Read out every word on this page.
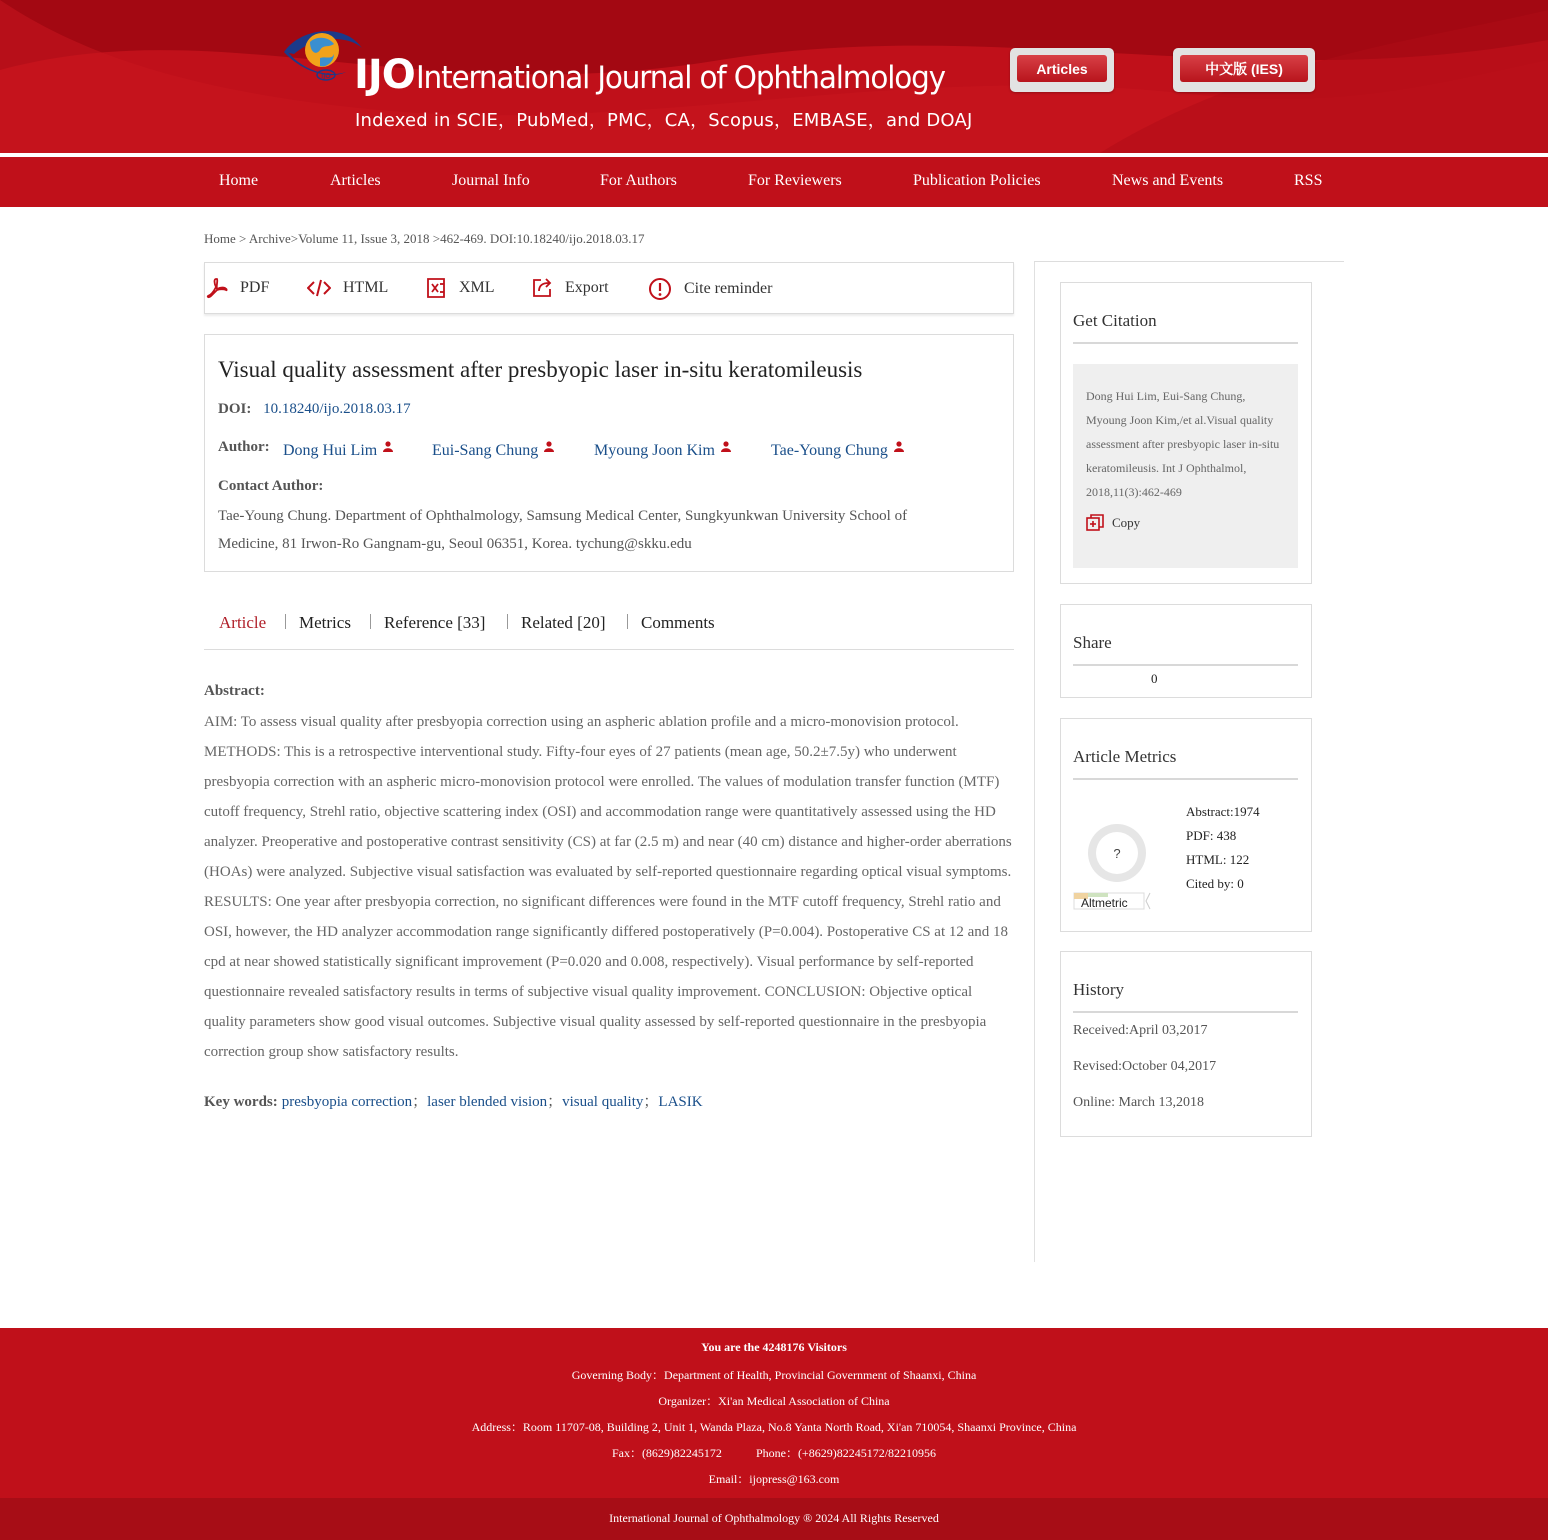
IJO IJO International Journal of Ophthalmology
Indexed in SCIE，PubMed，PMC，CA，Scopus，EMBASE，and DOAJ
Articles	中文版 (IES)
Home	Articles	Journal Info	For Authors	For Reviewers	Publication Policies	News and Events	RSS
Home > Archive>Volume 11, Issue 3, 2018 >462-469. DOI:10.18240/ijo.2018.03.17
PDF	HTML	XML	Export	Cite reminder
Visual quality assessment after presbyopic laser in-situ keratomileusis
DOI: 10.18240/ijo.2018.03.17
Author: Dong Hui Lim	Eui-Sang Chung	Myoung Joon Kim	Tae-Young Chung
Contact Author:
Tae-Young Chung. Department of Ophthalmology, Samsung Medical Center, Sungkyunkwan University School of Medicine, 81 Irwon-Ro Gangnam-gu, Seoul 06351, Korea. tychung@skku.edu
Article Metrics Reference [33] Related [20] Comments
Abstract:
AIM: To assess visual quality after presbyopia correction using an aspheric ablation profile and a micro-monovision protocol. METHODS: This is a retrospective interventional study. Fifty-four eyes of 27 patients (mean age, 50.2±7.5y) who underwent presbyopia correction with an aspheric micro-monovision protocol were enrolled. The values of modulation transfer function (MTF) cutoff frequency, Strehl ratio, objective scattering index (OSI) and accommodation range were quantitatively assessed using the HD analyzer. Preoperative and postoperative contrast sensitivity (CS) at far (2.5 m) and near (40 cm) distance and higher-order aberrations (HOAs) were analyzed. Subjective visual satisfaction was evaluated by self-reported questionnaire regarding optical visual symptoms. RESULTS: One year after presbyopia correction, no significant differences were found in the MTF cutoff frequency, Strehl ratio and OSI, however, the HD analyzer accommodation range significantly differed postoperatively (P=0.004). Postoperative CS at 12 and 18 cpd at near showed statistically significant improvement (P=0.020 and 0.008, respectively). Visual performance by self-reported questionnaire revealed satisfactory results in terms of subjective visual quality improvement. CONCLUSION: Objective optical quality parameters show good visual outcomes. Subjective visual quality assessed by self-reported questionnaire in the presbyopia correction group show satisfactory results.
Key words: presbyopia correction；laser blended vision；visual quality；LASIK
Get Citation
Dong Hui Lim, Eui-Sang Chung, Myoung Joon Kim,/et al.Visual quality assessment after presbyopic laser in-situ keratomileusis. Int J Ophthalmol, 2018,11(3):462-469
Copy
Share
0
Article Metrics
?
Altmetric
Abstract:1974
PDF: 438
HTML: 122
Cited by: 0
History
Received:April 03,2017
Revised:October 04,2017
Online: March 13,2018
You are the 4248176 Visitors
Governing Body：Department of Health, Provincial Government of Shaanxi, China
Organizer：Xi'an Medical Association of China
Address：Room 11707-08, Building 2, Unit 1, Wanda Plaza, No.8 Yanta North Road, Xi'an 710054, Shaanxi Province, China
Fax：(8629)82245172	Phone：(+8629)82245172/82210956
Email：ijopress@163.com
International Journal of Ophthalmology ® 2024 All Rights Reserved
